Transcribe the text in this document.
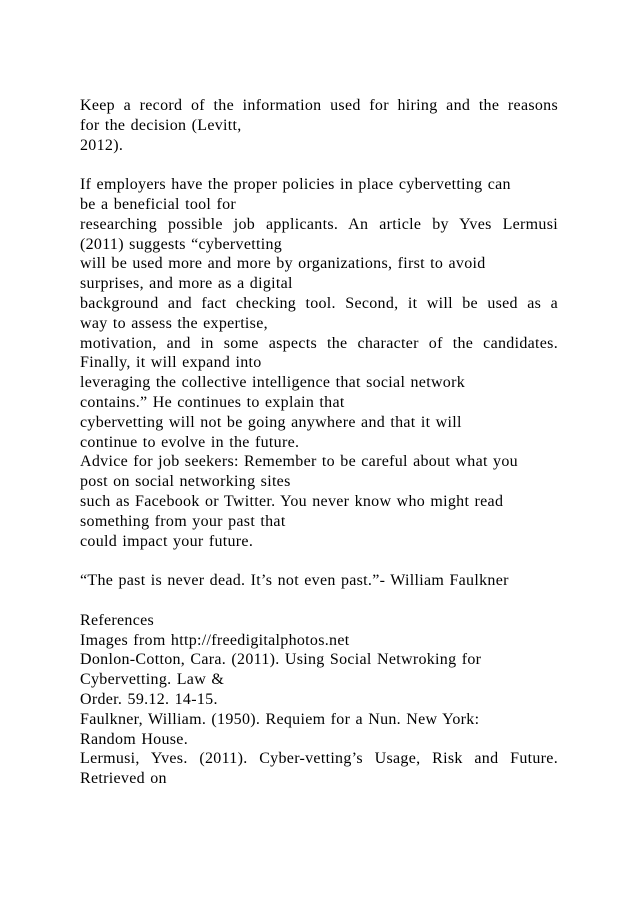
Keep a record of the information used for hiring and the reasons
for the decision (Levitt,
2012).
If employers have the proper policies in place cybervetting can
be a beneficial tool for
researching possible job applicants. An article by Yves Lermusi
(2011) suggests “cybervetting
will be used more and more by organizations, first to avoid
surprises, and more as a digital
background and fact checking tool. Second, it will be used as a
way to assess the expertise,
motivation, and in some aspects the character of the candidates.
Finally, it will expand into
leveraging the collective intelligence that social network
contains.” He continues to explain that
cybervetting will not be going anywhere and that it will
continue to evolve in the future.
Advice for job seekers: Remember to be careful about what you
post on social networking sites
such as Facebook or Twitter. You never know who might read
something from your past that
could impact your future.
“The past is never dead. It’s not even past.”- William Faulkner
References
Images from http://freedigitalphotos.net
Donlon-Cotton, Cara. (2011). Using Social Netwroking for
Cybervetting. Law &
Order. 59.12. 14-15.
Faulkner, William. (1950). Requiem for a Nun. New York:
Random House.
Lermusi, Yves. (2011). Cyber-vetting’s Usage, Risk and Future.
Retrieved on
